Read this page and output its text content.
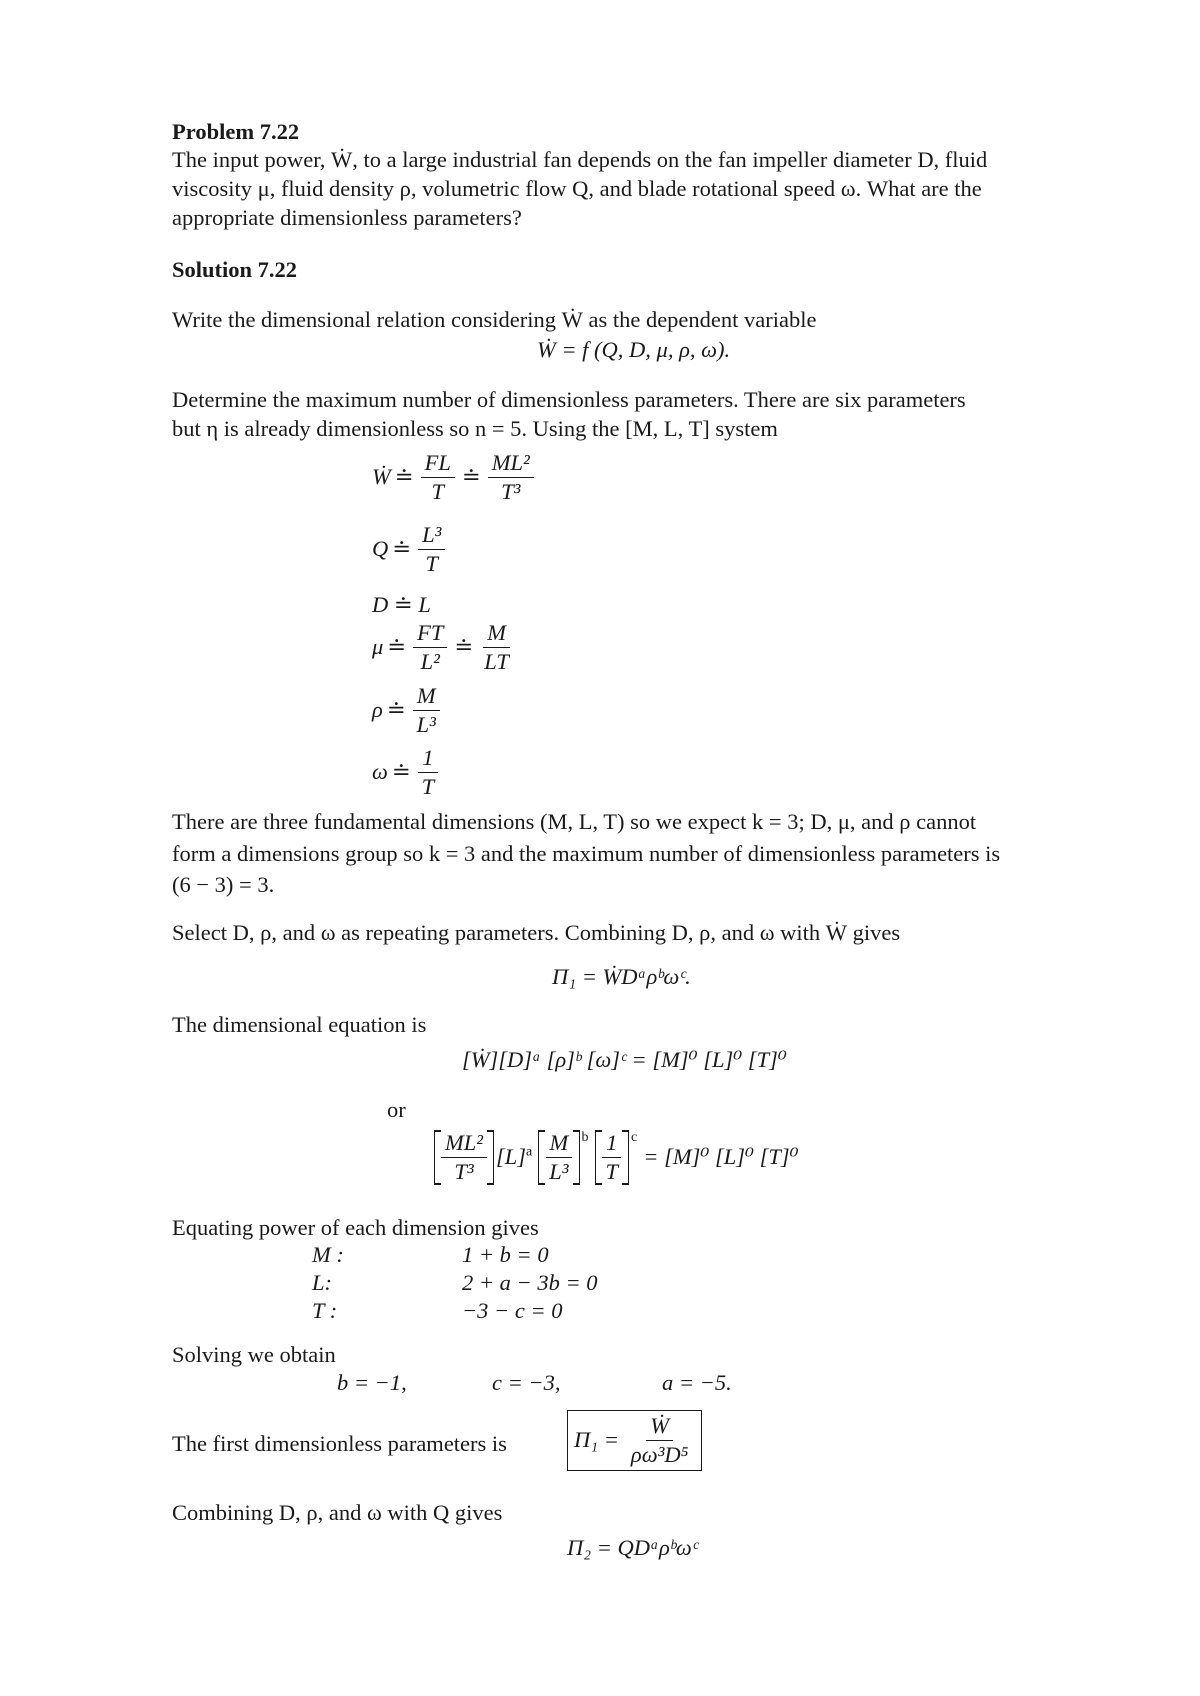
Problem 7.22
The input power, Ẇ, to a large industrial fan depends on the fan impeller diameter D, fluid
viscosity μ, fluid density ρ, volumetric flow Q, and blade rotational speed ω. What are the
appropriate dimensionless parameters?
Solution 7.22
Write the dimensional relation considering Ẇ as the dependent variable
Ẇ = f (Q, D, μ, ρ, ω).
Determine the maximum number of dimensionless parameters. There are six parameters
but η is already dimensionless so n = 5. Using the [M, L, T] system
Ẇ ≐ $\frac{FL}{T}$ ≐ $\frac{\text{ML²}}{\text{T³}}$
Q ≐ $\frac{\text{L³}}{T}$
D ≐ L
μ ≐ $\frac{FT}{\text{L²}}$ ≐ $\frac{M}{LT}$
ρ ≐ $\frac{M}{\text{L³}}$
ω ≐ $\frac{1}{T}$
There are three fundamental dimensions (M, L, T) so we expect k = 3; D, μ, and ρ cannot
form a dimensions group so k = 3 and the maximum number of dimensionless parameters is
(6 − 3) = 3.
Select D, ρ, and ω as repeating parameters. Combining D, ρ, and ω with Ẇ gives
Π₁ = ẆDᵃρᵇωᶜ.
The dimensional equation is
[Ẇ][D]ᵃ [ρ]ᵇ [ω]ᶜ = [M]⁰ [L]⁰ [T]⁰
or
$\frac{\text{ML²}}{\text{T³}} [L]^a \frac{M}{\text{L³}}$ b $\frac{1}{T}$ c
= [M]⁰ [L]⁰ [T]⁰
Equating power of each dimension gives
M :	1 + b = 0
L:	2 + a − 3b = 0
T :	−3 − c = 0
Solving we obtain
b = −1,	c = −3,	a = −5.
The first dimensionless parameters is	$\Pi_1 = \frac{\text{Ẇ}}{\text{ρω³D⁵}}$
Combining D, ρ, and ω with Q gives
Π₂ = QDᵃρᵇωᶜ
